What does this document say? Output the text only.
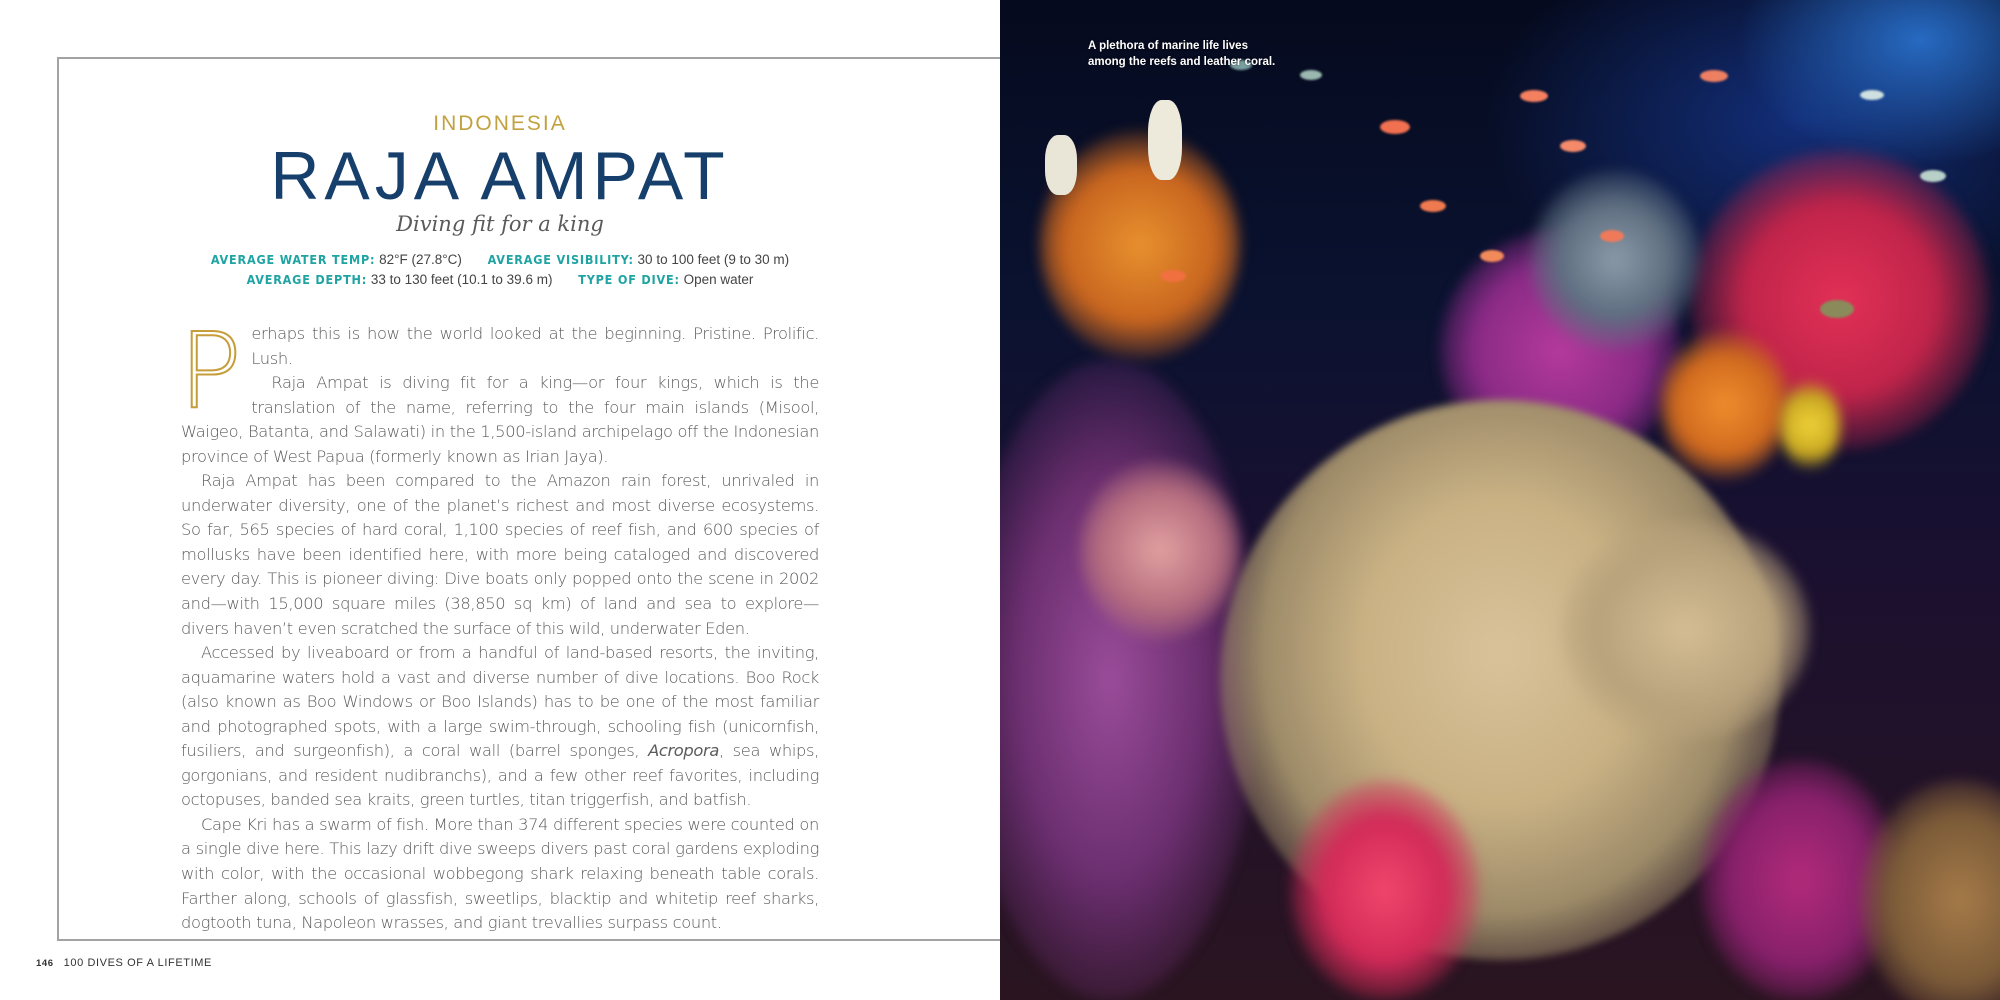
INDONESIA
RAJA AMPAT
Diving fit for a king
AVERAGE WATER TEMP: 82°F (27.8°C) AVERAGE VISIBILITY: 30 to 100 feet (9 to 30 m)
AVERAGE DEPTH: 33 to 130 feet (10.1 to 39.6 m) TYPE OF DIVE: Open water
P erhaps this is how the world looked at the beginning. Pristine. Prolific. Lush.

Raja Ampat is diving fit for a king—or four kings, which is the translation of the name, referring to the four main islands (Misool, Waigeo, Batanta, and Salawati) in the 1,500-island archipelago off the Indonesian province of West Papua (formerly known as Irian Jaya).

Raja Ampat has been compared to the Amazon rain forest, unrivaled in underwater diversity, one of the planet’s richest and most diverse ecosystems. So far, 565 species of hard coral, 1,100 species of reef fish, and 600 species of mollusks have been identified here, with more being cataloged and discovered every day. This is pioneer diving: Dive boats only popped onto the scene in 2002 and—with 15,000 square miles (38,850 sq km) of land and sea to explore—divers haven’t even scratched the surface of this wild, underwater Eden.

Accessed by liveaboard or from a handful of land-based resorts, the inviting, aquamarine waters hold a vast and diverse number of dive locations. Boo Rock (also known as Boo Windows or Boo Islands) has to be one of the most familiar and photographed spots, with a large swim-through, schooling fish (unicornfish, fusiliers, and surgeonfish), a coral wall (barrel sponges, Acropora, sea whips, gorgonians, and resident nudibranchs), and a few other reef favorites, including octopuses, banded sea kraits, green turtles, titan triggerfish, and batfish.

Cape Kri has a swarm of fish. More than 374 different species were counted on a single dive here. This lazy drift dive sweeps divers past coral gardens exploding with color, with the occasional wobbegong shark relaxing beneath table corals. Farther along, schools of glassfish, sweetlips, blacktip and whitetip reef sharks, dogtooth tuna, Napoleon wrasses, and giant trevallies surpass count.

146 100 DIVES OF A LIFETIME
A plethora of marine life lives
among the reefs and leather coral.
